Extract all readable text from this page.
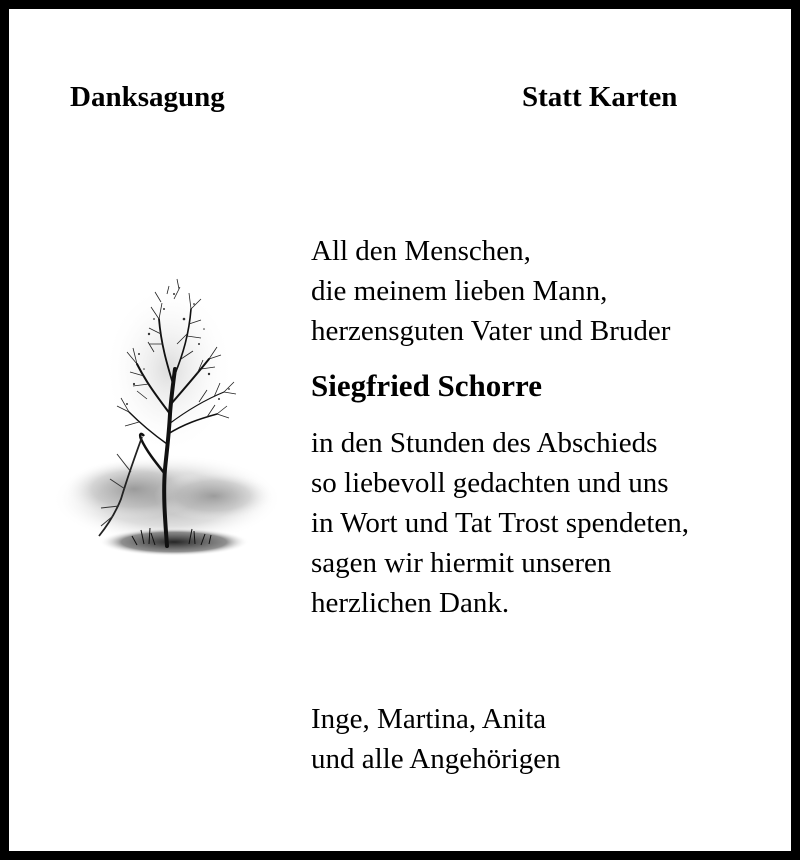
Danksagung	Statt Karten
All den Menschen,
die meinem lieben Mann,
herzensguten Vater und Bruder
Siegfried Schorre
in den Stunden des Abschieds
so liebevoll gedachten und uns
in Wort und Tat Trost spendeten,
sagen wir hiermit unseren
herzlichen Dank.
Inge, Martina, Anita
und alle Angehörigen
